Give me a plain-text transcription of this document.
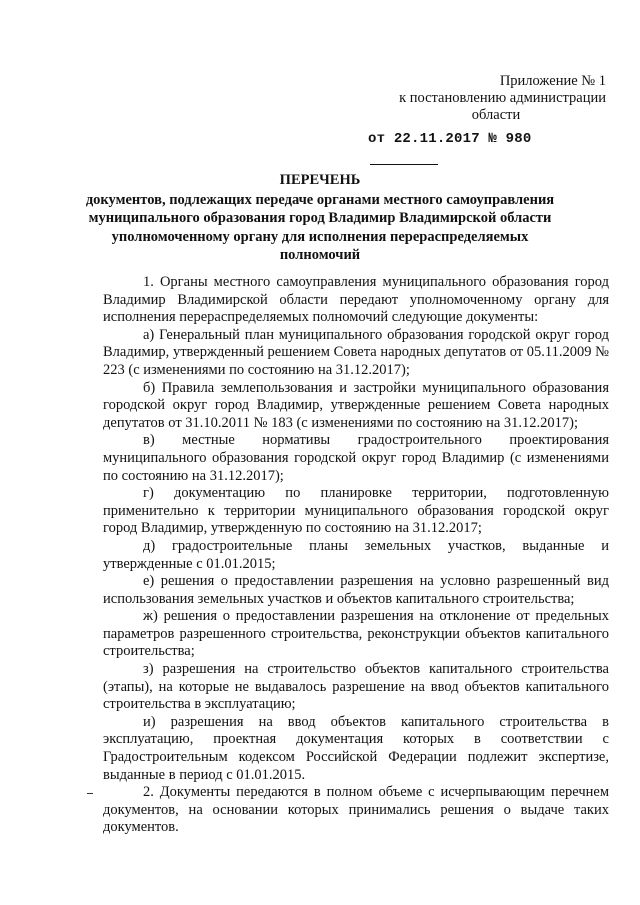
Приложение № 1
к постановлению администрации
области
от 22.11.2017 № 980
ПЕРЕЧЕНЬ
документов, подлежащих передаче органами местного самоуправления муниципального образования город Владимир Владимирской области уполномоченному органу для исполнения перераспределяемых полномочий

1. Органы местного самоуправления муниципального образования город Владимир Владимирской области передают уполномоченному органу для исполнения перераспределяемых полномочий следующие документы:

а) Генеральный план муниципального образования городской округ город Владимир, утвержденный решением Совета народных депутатов от 05.11.2009 № 223 (с изменениями по состоянию на 31.12.2017);

б) Правила землепользования и застройки муниципального образования городской округ город Владимир, утвержденные решением Совета народных депутатов от 31.10.2011 № 183 (с изменениями по состоянию на 31.12.2017);

в) местные нормативы градостроительного проектирования муниципального образования городской округ город Владимир (с изменениями по состоянию на 31.12.2017);

г) документацию по планировке территории, подготовленную применительно к территории муниципального образования городской округ город Владимир, утвержденную по состоянию на 31.12.2017;

д) градостроительные планы земельных участков, выданные и утвержденные с 01.01.2015;

е) решения о предоставлении разрешения на условно разрешенный вид использования земельных участков и объектов капитального строительства;

ж) решения о предоставлении разрешения на отклонение от предельных параметров разрешенного строительства, реконструкции объектов капитального строительства;

з) разрешения на строительство объектов капитального строительства (этапы), на которые не выдавалось разрешение на ввод объектов капитального строительства в эксплуатацию;

и) разрешения на ввод объектов капитального строительства в эксплуатацию, проектная документация которых в соответствии с Градостроительным кодексом Российской Федерации подлежит экспертизе, выданные в период с 01.01.2015.

2. Документы передаются в полном объеме с исчерпывающим перечнем документов, на основании которых принимались решения о выдаче таких документов.
